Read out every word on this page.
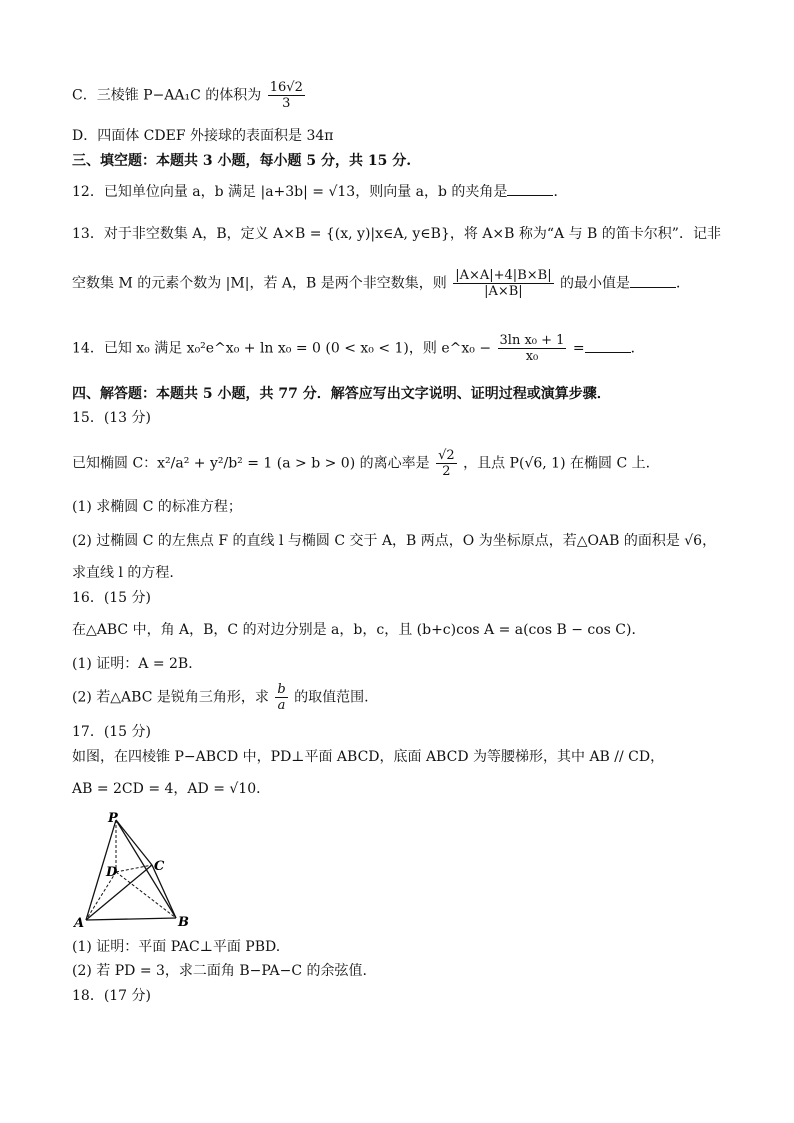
C．三棱锥 P−AA₁C 的体积为 $\frac{16√2}{3}$
D．四面体 CDEF 外接球的表面积是 34π
三、填空题：本题共 3 小题，每小题 5 分，共 15 分.
12．已知单位向量 a，b 满足 |a+3b| = √13，则向量 a，b 的夹角是	．
13．对于非空数集 A，B，定义 A×B = {(x, y)|x∈A, y∈B}，将 A×B 称为“A 与 B 的笛卡尔积”．记非
空数集 M 的元素个数为 |M|，若 A，B 是两个非空数集，则 $\frac{|A\times A|+4|B\times B|}{|A\times B|}$ 的最小值是	．
14．已知 x₀ 满足 x₀²e^x₀ + ln x₀ = 0 (0 < x₀ < 1)，则 e^x₀ − $\frac{\text{3ln x₀ + 1}}{\text{x₀}}$ =	．
四、解答题：本题共 5 小题，共 77 分．解答应写出文字说明、证明过程或演算步骤．
15．(13 分)
已知椭圆 C：x²/a² + y²/b² = 1 (a > b > 0) 的离心率是 $\frac{√2}{2}$ ，且点 P(√6, 1) 在椭圆 C 上.
(1) 求椭圆 C 的标准方程；
(2) 过椭圆 C 的左焦点 F 的直线 l 与椭圆 C 交于 A，B 两点，O 为坐标原点，若△OAB 的面积是 √6，
求直线 l 的方程.
16．(15 分)
在△ABC 中，角 A，B，C 的对边分别是 a，b，c，且 (b+c)cos A = a(cos B − cos C)．
(1) 证明：A = 2B．
(2) 若△ABC 是锐角三角形，求 $\frac{b}{a}$ 的取值范围.
17．(15 分)
如图，在四棱锥 P−ABCD 中，PD⊥平面 ABCD，底面 ABCD 为等腰梯形，其中 AB // CD，
AB = 2CD = 4，AD = √10．
P
D	C
A	B
(1) 证明：平面 PAC⊥平面 PBD.
(2) 若 PD = 3，求二面角 B−PA−C 的余弦值.
18．(17 分)
